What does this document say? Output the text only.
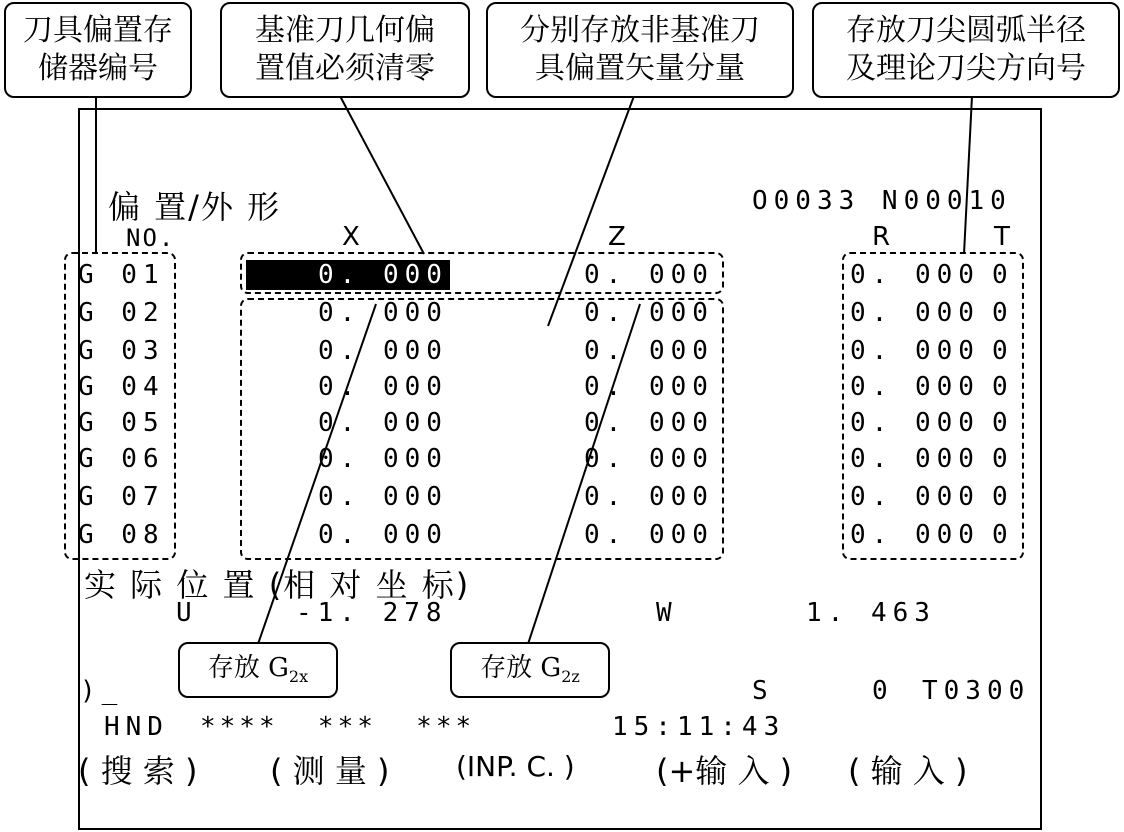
刀具偏置存
储器编号
基准刀几何偏
置值必须清零
分别存放非基准刀
具偏置矢量分量
存放刀尖圆弧半径
及理论刀尖方向号
偏 置/外 形	O0033 N00010
NO.	X	Z	R	T
G 01	0. 000	0. 000	0. 000 0
G 02	0. 000	0. 000	0. 000 0
G 03	0. 000	0. 000	0. 000 0
G 04	0. 000	0. 000	0. 000 0
G 05	0. 000	0. 000	0. 000 0
G 06	0. 000	0. 000	0. 000 0
G 07	0. 000	0. 000	0. 000 0
G 08	0. 000	0. 000	0. 000 0
实 际 位 置 (相 对 坐 标)
U	-1. 278	W	1. 463
存放 $G_{2x}$	存放 $G_{2z}$
)_	S	0 T0300
HND ****  ***  ***	15:11:43
( 搜 索 ) ( 测 量 ) (INP. C. )	(+输 入 ) ( 输 入 )
